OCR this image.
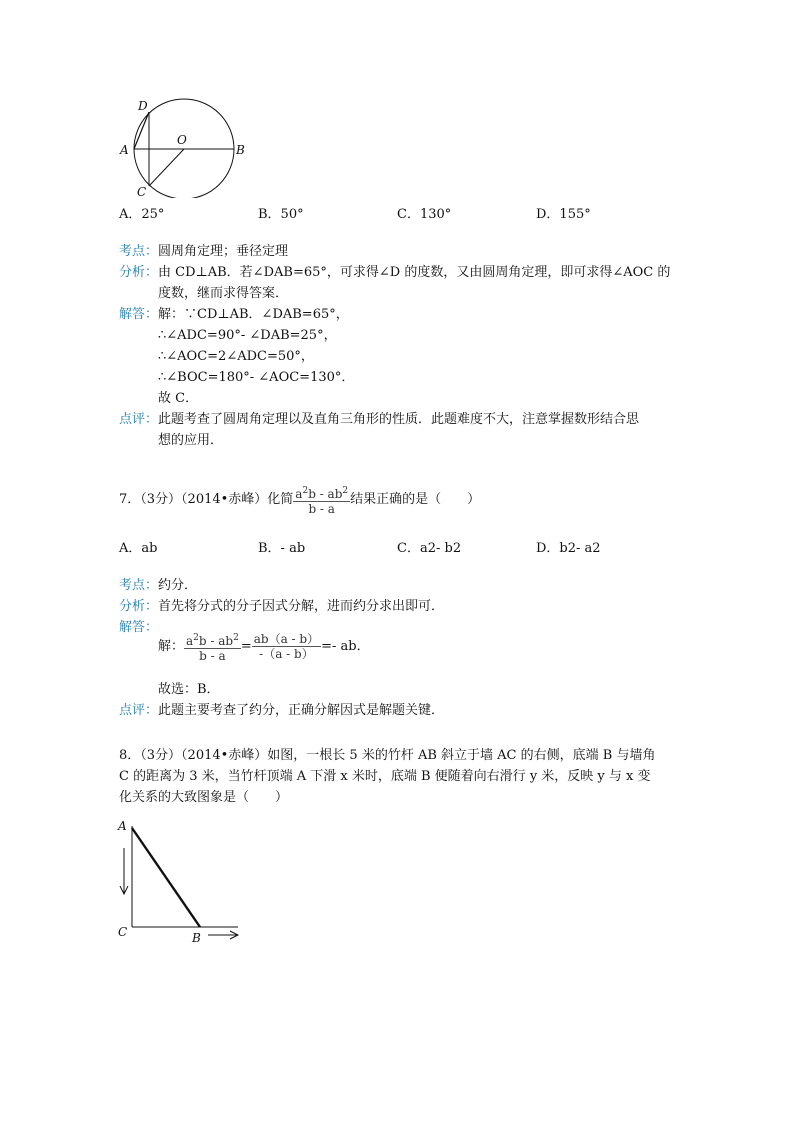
D
A
O
B
C
A．25°	B．50°	C．130°	D．155°
考点：圆周角定理；垂径定理
分析：由 CD⊥AB．若∠DAB=65°，可求得∠D 的度数，又由圆周角定理，即可求得∠AOC 的
度数，继而求得答案．
解答：解：∵CD⊥AB．∠DAB=65°，
∴∠ADC=90°- ∠DAB=25°，
∴∠AOC=2∠ADC=50°，
∴∠BOC=180°- ∠AOC=130°．
故 C．
点评：此题考查了圆周角定理以及直角三角形的性质．此题难度不大，注意掌握数形结合思
想的应用．
7．（3分）（2014•赤峰）化简 $\frac{a^2b - ab^2}{b - a}$ 结果正确的是（　　）
A．ab	B．- ab	C．a2- b2	D．b2- a2
考点：约分．
分析：首先将分式的分子因式分解，进而约分求出即可．
解答：
解： $\frac{a^2b - ab^2}{b - a} = \frac{ab(a - b)}{-(a - b)}$ =- ab．
故选：B．
点评：此题主要考查了约分，正确分解因式是解题关键．
8．（3分）（2014•赤峰）如图，一根长 5 米的竹杆 AB 斜立于墙 AC 的右侧，底端 B 与墙角
C 的距离为 3 米，当竹杆顶端 A 下滑 x 米时，底端 B 便随着向右滑行 y 米，反映 y 与 x 变
化关系的大致图象是（　　）
A
C	B
